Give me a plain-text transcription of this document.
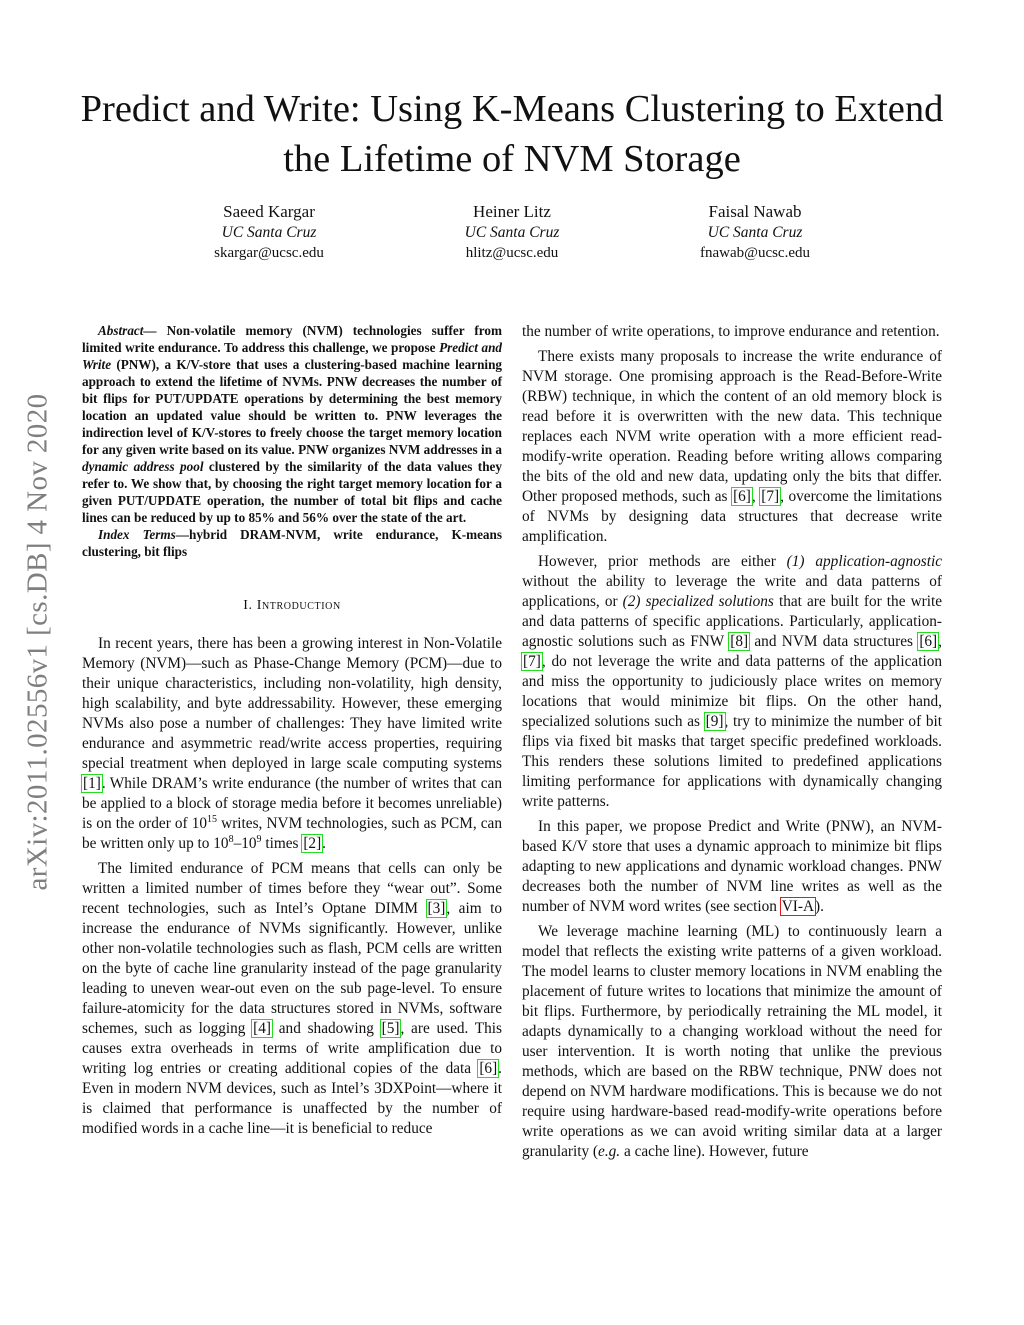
arXiv:2011.02556v1 [cs.DB] 4 Nov 2020
Predict and Write: Using K-Means Clustering to Extend the Lifetime of NVM Storage
Saeed Kargar
UC Santa Cruz
skargar@ucsc.edu
Heiner Litz
UC Santa Cruz
hlitz@ucsc.edu
Faisal Nawab
UC Santa Cruz
fnawab@ucsc.edu

Abstract— Non-volatile memory (NVM) technologies suffer from limited write endurance. To address this challenge, we propose Predict and Write (PNW), a K/V-store that uses a clustering-based machine learning approach to extend the lifetime of NVMs. PNW decreases the number of bit flips for PUT/UPDATE operations by determining the best memory location an updated value should be written to. PNW leverages the indirection level of K/V-stores to freely choose the target memory location for any given write based on its value. PNW organizes NVM addresses in a dynamic address pool clustered by the similarity of the data values they refer to. We show that, by choosing the right target memory location for a given PUT/UPDATE operation, the number of total bit flips and cache lines can be reduced by up to 85% and 56% over the state of the art.

Index Terms—hybrid DRAM-NVM, write endurance, K-means clustering, bit flips

I. Introduction

In recent years, there has been a growing interest in Non-Volatile Memory (NVM)—such as Phase-Change Memory (PCM)—due to their unique characteristics, including non-volatility, high density, high scalability, and byte addressability. However, these emerging NVMs also pose a number of challenges: They have limited write endurance and asymmetric read/write access properties, requiring special treatment when deployed in large scale computing systems [1]. While DRAM’s write endurance (the number of writes that can be applied to a block of storage media before it becomes unreliable) is on the order of $10^{15}$ writes, NVM technologies, such as PCM, can be written only up to $10^8-10^9$ times [2].

The limited endurance of PCM means that cells can only be written a limited number of times before they “wear out”. Some recent technologies, such as Intel’s Optane DIMM [3], aim to increase the endurance of NVMs significantly. However, unlike other non-volatile technologies such as flash, PCM cells are written on the byte of cache line granularity instead of the page granularity leading to uneven wear-out even on the sub page-level. To ensure failure-atomicity for the data structures stored in NVMs, software schemes, such as logging [4] and shadowing [5], are used. This causes extra overheads in terms of write amplification due to writing log entries or creating additional copies of the data [6]. Even in modern NVM devices, such as Intel’s 3DXPoint—where it is claimed that performance is unaffected by the number of modified words in a cache line—it is beneficial to reduce

the number of write operations, to improve endurance and retention.

There exists many proposals to increase the write endurance of NVM storage. One promising approach is the Read-Before-Write (RBW) technique, in which the content of an old memory block is read before it is overwritten with the new data. This technique replaces each NVM write operation with a more efficient read-modify-write operation. Reading before writing allows comparing the bits of the old and new data, updating only the bits that differ. Other proposed methods, such as [6], [7], overcome the limitations of NVMs by designing data structures that decrease write amplification.

However, prior methods are either (1) application-agnostic without the ability to leverage the write and data patterns of applications, or (2) specialized solutions that are built for the write and data patterns of specific applications. Particularly, application-agnostic solutions such as FNW [8] and NVM data structures [6], [7], do not leverage the write and data patterns of the application and miss the opportunity to judiciously place writes on memory locations that would minimize bit flips. On the other hand, specialized solutions such as [9], try to minimize the number of bit flips via fixed bit masks that target specific predefined workloads. This renders these solutions limited to predefined applications limiting performance for applications with dynamically changing write patterns.

In this paper, we propose Predict and Write (PNW), an NVM-based K/V store that uses a dynamic approach to minimize bit flips adapting to new applications and dynamic workload changes. PNW decreases both the number of NVM line writes as well as the number of NVM word writes (see section VI-A).

We leverage machine learning (ML) to continuously learn a model that reflects the existing write patterns of a given workload. The model learns to cluster memory locations in NVM enabling the placement of future writes to locations that minimize the amount of bit flips. Furthermore, by periodically retraining the ML model, it adapts dynamically to a changing workload without the need for user intervention. It is worth noting that unlike the previous methods, which are based on the RBW technique, PNW does not depend on NVM hardware modifications. This is because we do not require using hardware-based read-modify-write operations before write operations as we can avoid writing similar data at a larger granularity (e.g. a cache line). However, future
